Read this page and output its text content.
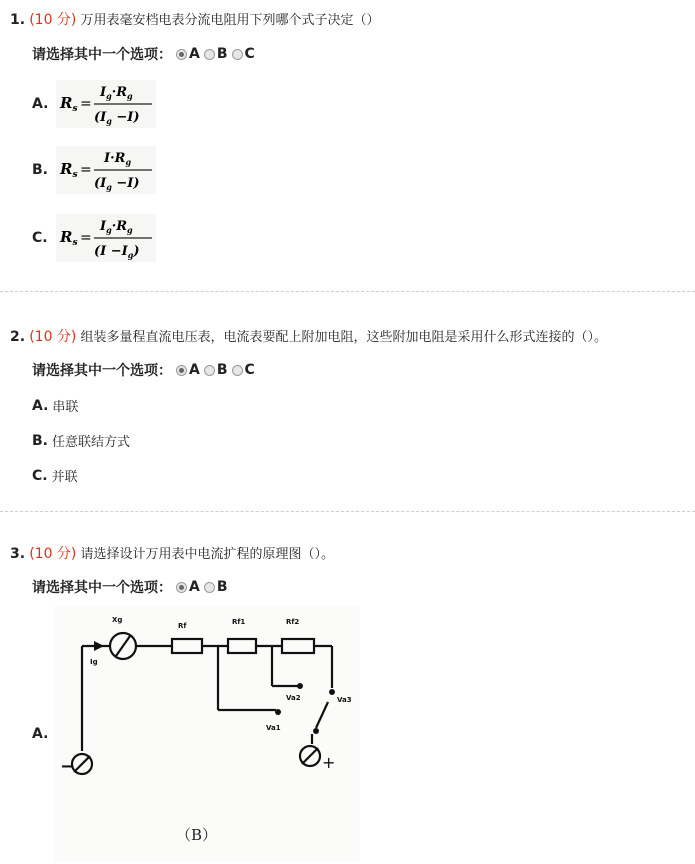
1. (10 分) 万用表毫安档电表分流电阻用下列哪个式子决定（）
请选择其中一个选项： A B C
A. $R_s$ =
$I_g\cdot R_g$
$(I_g -I)$
B. $R_s$ =
$I\cdot R_g$
$(I_g -I)$
C. $R_s$ =
$I_g\cdot R_g$
$(I -I_g)$
2. (10 分) 组装多量程直流电压表，电流表要配上附加电阻，这些附加电阻是采用什么形式连接的（）。
请选择其中一个选项： A B C
A. 串联
B. 任意联结方式
C. 并联
3. (10 分) 请选择设计万用表中电流扩程的原理图（）。
请选择其中一个选项： A B
A.
Xg
Ig
Rf	Rf1	Rf2
Va1
Va2	Va3
−	+
（B）
